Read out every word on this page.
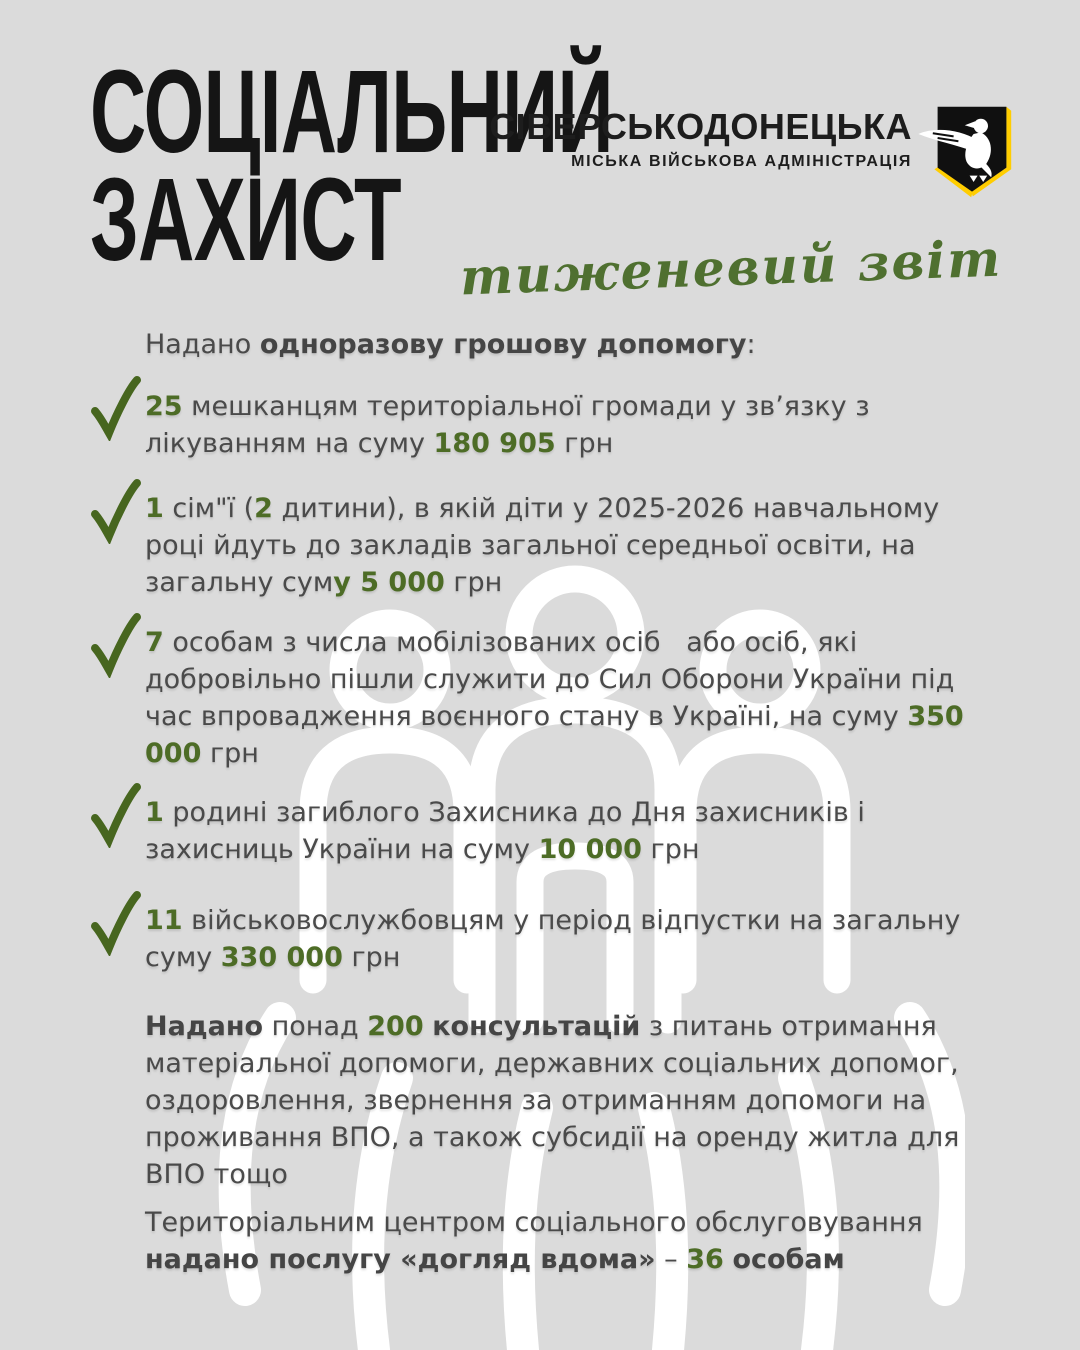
СОЦІАЛЬНИЙ
ЗАХИСТ
СІВЕРСЬКОДОНЕЦЬКА
МІСЬКА ВІЙСЬКОВА АДМІНІСТРАЦІЯ
тиженевий звіт
Надано одноразову грошову допомогу:
25 мешканцям територіальної громади у зв’язку з лікуванням на суму 180 905 грн
1 сім"ї (2 дитини), в якій діти у 2025-2026 навчальному році йдуть до закладів загальної середньої освіти, на загальну суму 5 000 грн
7 особам з числа мобілізованих осіб   або осіб, які добровільно пішли служити до Сил Оборони України під час впровадження воєнного стану в Україні, на суму 350 000 грн
1 родині загиблого Захисника до Дня захисників і захисниць України на суму 10 000 грн
11 військовослужбовцям у період відпустки на загальну суму 330 000 грн
Надано понад 200 консультацій з питань отримання матеріальної допомоги, державних соціальних допомог, оздоровлення, звернення за отриманням допомоги на проживання ВПО, а також субсидії на оренду житла для ВПО тощо
Територіальним центром соціального обслуговування надано послугу «догляд вдома» – 36 особам
